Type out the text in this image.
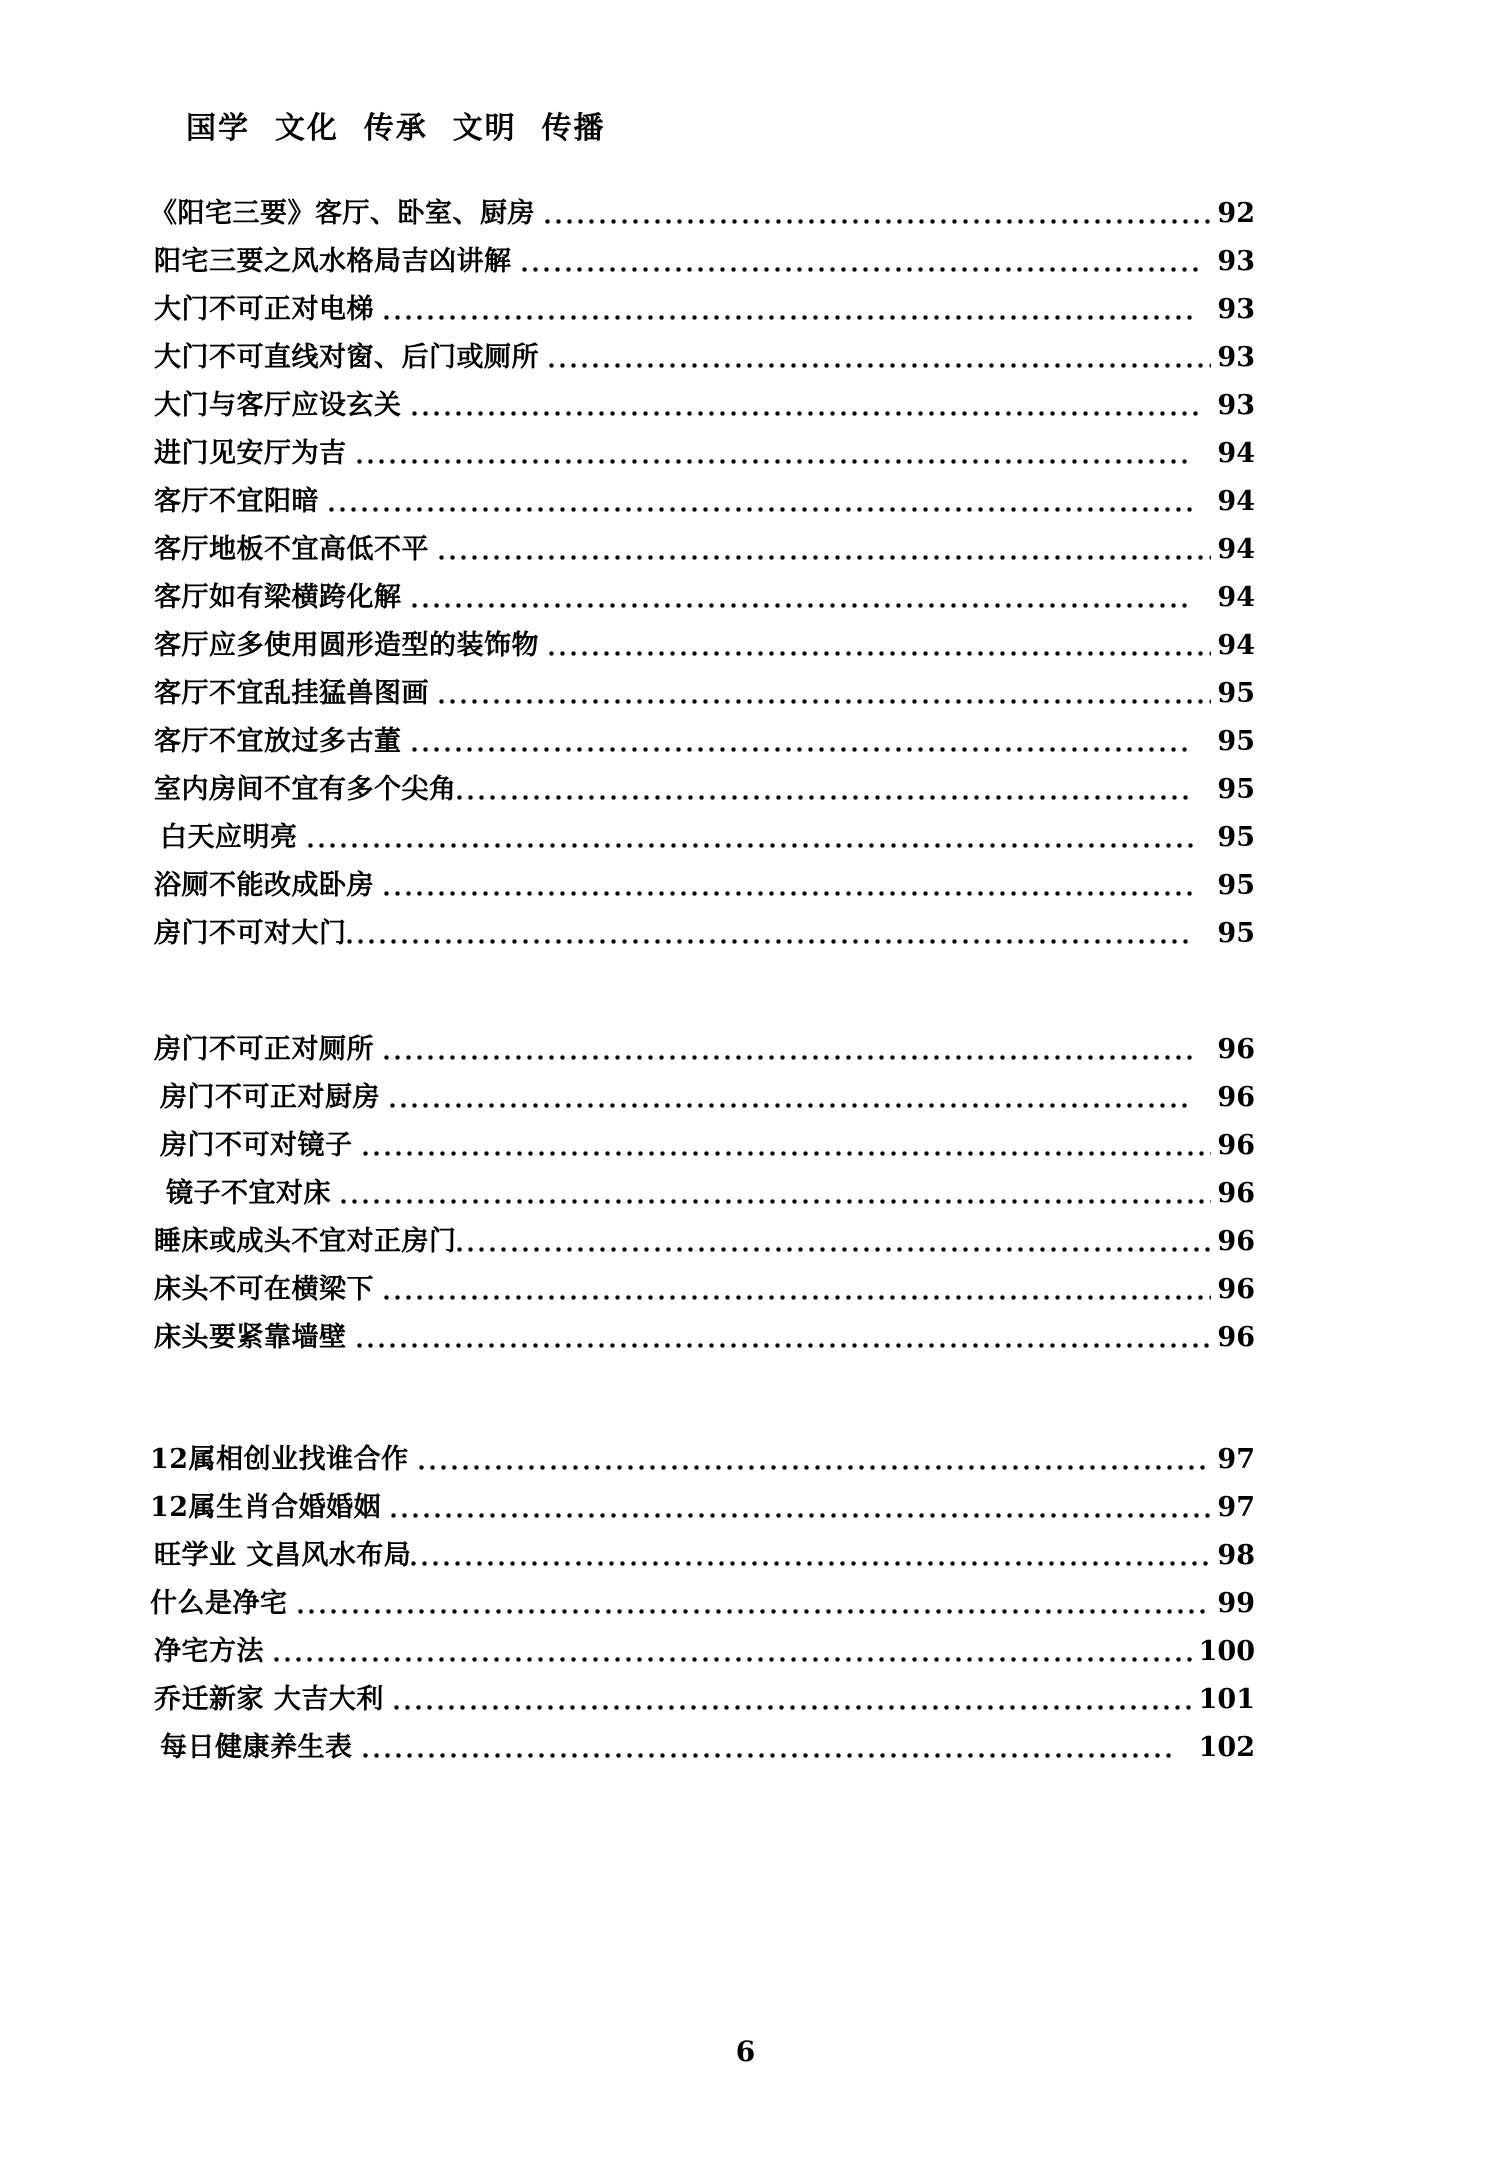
国学  文化  传承  文明  传播
《阳宅三要》客厅、卧室、厨房	92
阳宅三要之风水格局吉凶讲解	93
大门不可正对电梯	93
大门不可直线对窗、后门或厕所	93
大门与客厅应设玄关	93
进门见安厅为吉	94
客厅不宜阳暗	94
客厅地板不宜高低不平	94
客厅如有梁横跨化解	94
客厅应多使用圆形造型的装饰物	94
客厅不宜乱挂猛兽图画	95
客厅不宜放过多古董	95
室内房间不宜有多个尖角	95
白天应明亮	95
浴厕不能改成卧房	95
房门不可对大门	95
房门不可正对厕所	96
房门不可正对厨房	96
房门不可对镜子	96
镜子不宜对床	96
睡床或成头不宜对正房门	96
床头不可在横梁下	96
床头要紧靠墙壁	96
12属相创业找谁合作	97
12属生肖合婚婚姻	97
旺学业 文昌风水布局	98
什么是净宅	99
净宅方法	100
乔迁新家 大吉大利	101
每日健康养生表	102
6
